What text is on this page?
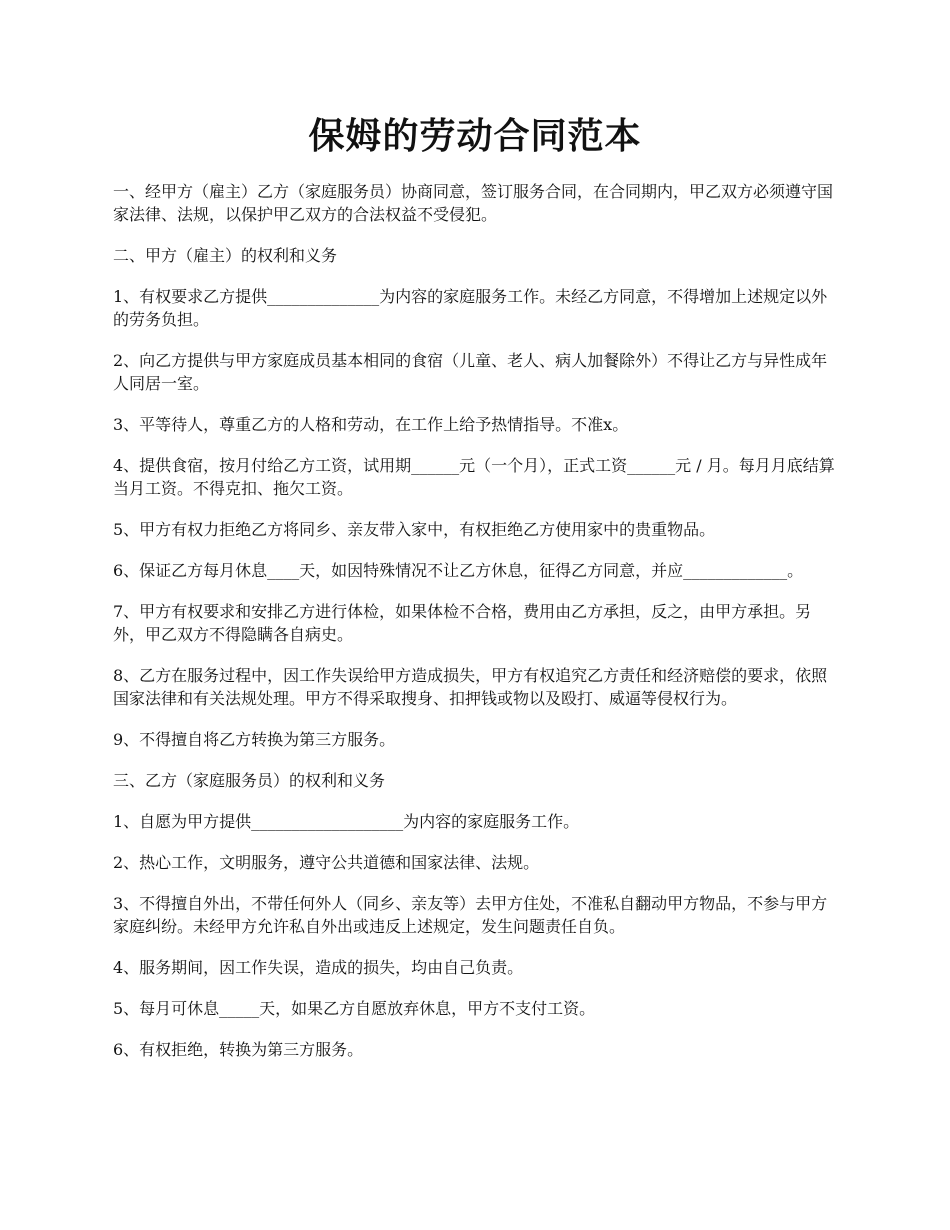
保姆的劳动合同范本

一、经甲方（雇主）乙方（家庭服务员）协商同意，签订服务合同，在合同期内，甲乙双方必须遵守国家法律、法规，以保护甲乙双方的合法权益不受侵犯。

二、甲方（雇主）的权利和义务

1、有权要求乙方提供______________为内容的家庭服务工作。未经乙方同意，不得增加上述规定以外的劳务负担。

2、向乙方提供与甲方家庭成员基本相同的食宿（儿童、老人、病人加餐除外）不得让乙方与异性成年人同居一室。

3、平等待人，尊重乙方的人格和劳动，在工作上给予热情指导。不准x。

4、提供食宿，按月付给乙方工资，试用期______元（一个月），正式工资______元 / 月。每月月底结算当月工资。不得克扣、拖欠工资。

5、甲方有权力拒绝乙方将同乡、亲友带入家中，有权拒绝乙方使用家中的贵重物品。

6、保证乙方每月休息____天，如因特殊情况不让乙方休息，征得乙方同意，并应_____________。

7、甲方有权要求和安排乙方进行体检，如果体检不合格，费用由乙方承担，反之，由甲方承担。另外，甲乙双方不得隐瞒各自病史。

8、乙方在服务过程中，因工作失误给甲方造成损失，甲方有权追究乙方责任和经济赔偿的要求，依照国家法律和有关法规处理。甲方不得采取搜身、扣押钱或物以及殴打、威逼等侵权行为。

9、不得擅自将乙方转换为第三方服务。

三、乙方（家庭服务员）的权利和义务

1、自愿为甲方提供___________________为内容的家庭服务工作。

2、热心工作，文明服务，遵守公共道德和国家法律、法规。

3、不得擅自外出，不带任何外人（同乡、亲友等）去甲方住处，不准私自翻动甲方物品，不参与甲方家庭纠纷。未经甲方允许私自外出或违反上述规定，发生问题责任自负。

4、服务期间，因工作失误，造成的损失，均由自己负责。

5、每月可休息_____天，如果乙方自愿放弃休息，甲方不支付工资。

6、有权拒绝，转换为第三方服务。
